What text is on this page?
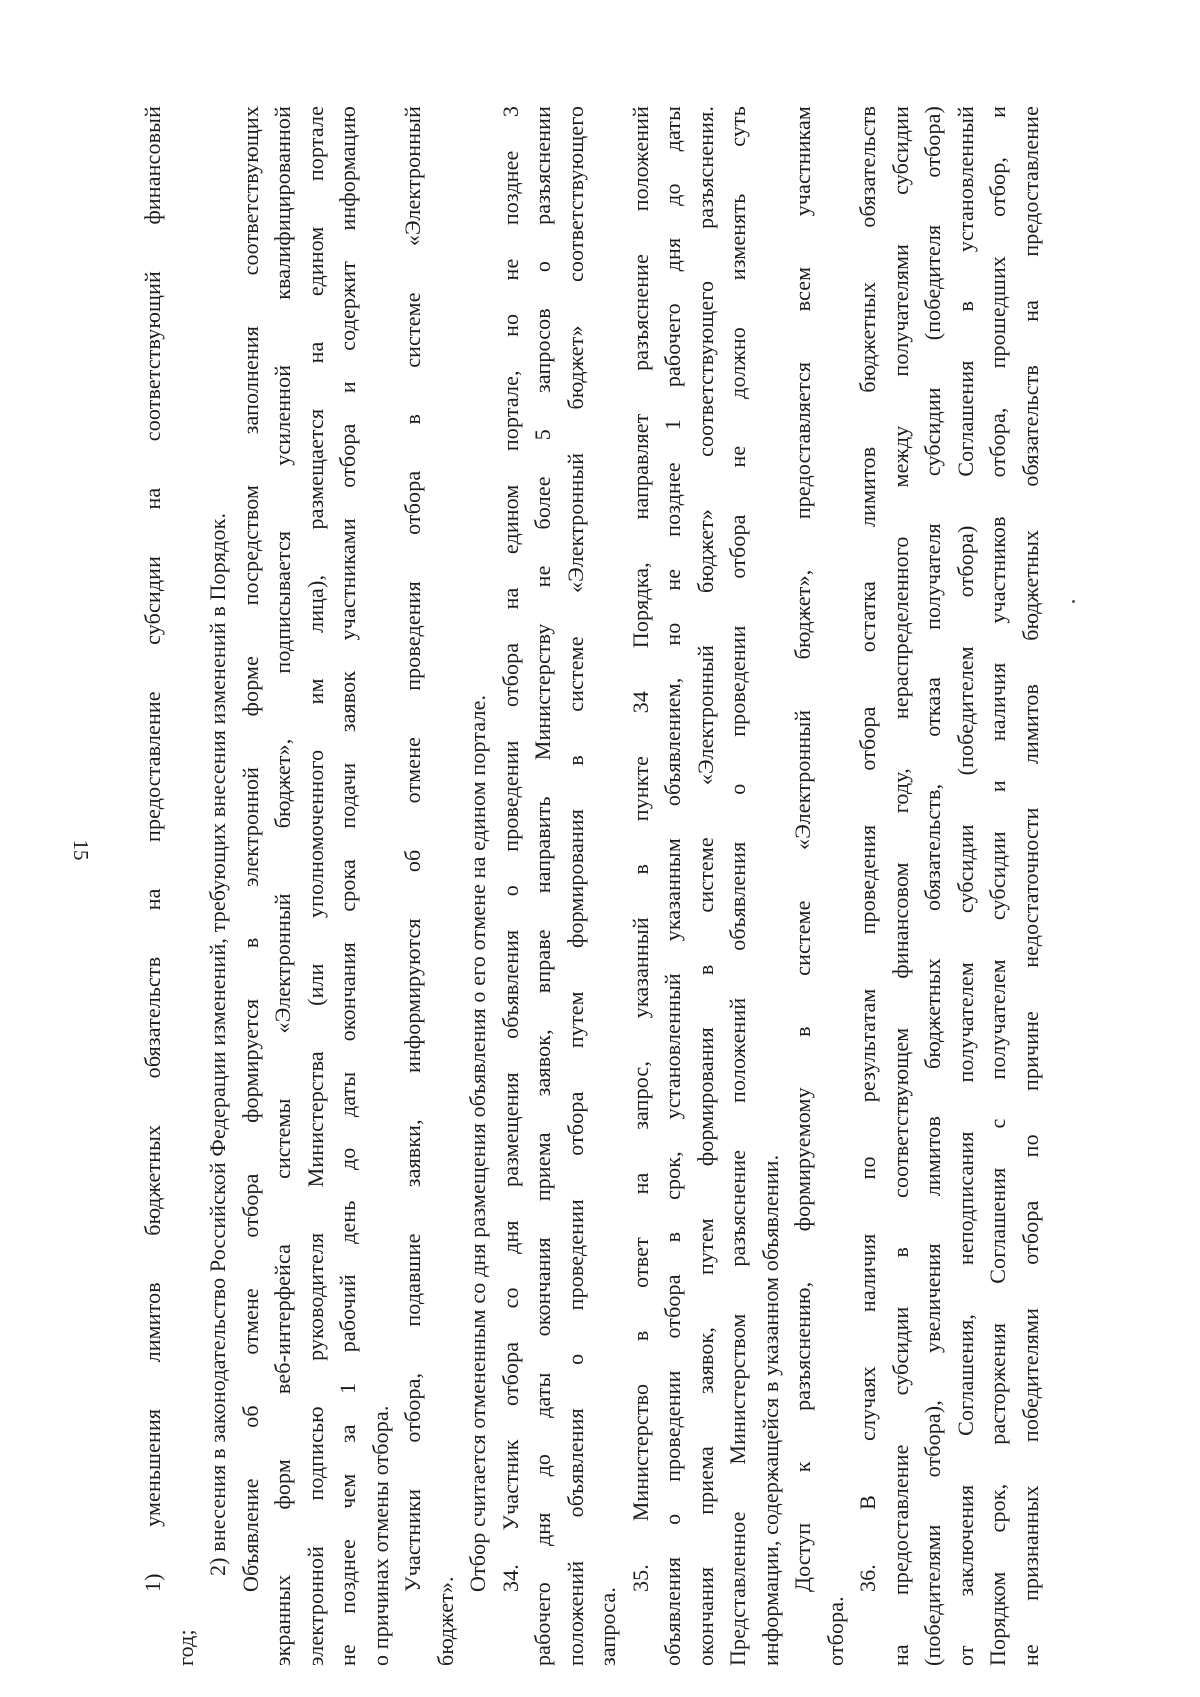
15 1) уменьшения лимитов бюджетных обязательств на предоставление субсидии на соответствующий финансовый
год;
2) внесения в законодательство Российской Федерации изменений, требующих внесения изменений в Порядок. Объявление об отмене отбора формируется в электронной форме посредством заполнения соответствующих экранных форм веб-интерфейса системы «Электронный бюджет», подписывается усиленной квалифицированной электронной подписью руководителя Министерства (или уполномоченного им лица), размещается на едином портале не позднее чем за 1 рабочий день до даты окончания срока подачи заявок участниками отбора и содержит информацию о причинах отмены отбора. Участники отбора, подавшие заявки, информируются об отмене проведения отбора в системе «Электронный
бюджет».
Отбор считается отмененным со дня размещения объявления о его отмене на едином портале. 34. Участник отбора со дня размещения объявления о проведении отбора на едином портале, но не позднее 3 рабочего дня до даты окончания приема заявок, вправе направить Министерству не более 5 запросов о разъяснении положений объявления о проведении отбора путем формирования в системе «Электронный бюджет» соответствующего запроса.
35. Министерство в ответ на запрос, указанный в пункте 34 Порядка, направляет разъяснение положений объявления о проведении отбора в срок, установленный указанным объявлением, но не позднее 1 рабочего дня до даты окончания приема заявок, путем формирования в системе «Электронный бюджет» соответствующего разъяснения. Представленное Министерством разъяснение положений объявления о проведении отбора не должно изменять суть информации, содержащейся в указанном объявлении. Доступ к разъяснению, формируемому в системе «Электронный бюджет», предоставляется всем участникам
отбора.
36. В случаях наличия по результатам проведения отбора остатка лимитов бюджетных обязательств на предоставление субсидии в соответствующем финансовом году, нераспределенного между получателями субсидии (победителями отбора), увеличения лимитов бюджетных обязательств, отказа получателя субсидии (победителя отбора) от заключения Соглашения, неподписания получателем субсидии (победителем отбора) Соглашения в установленный Порядком срок, расторжения Соглашения с получателем субсидии и наличия участников отбора, прошедших отбор, и не признанных победителями отбора по причине недостаточности лимитов бюджетных обязательств на предоставление
